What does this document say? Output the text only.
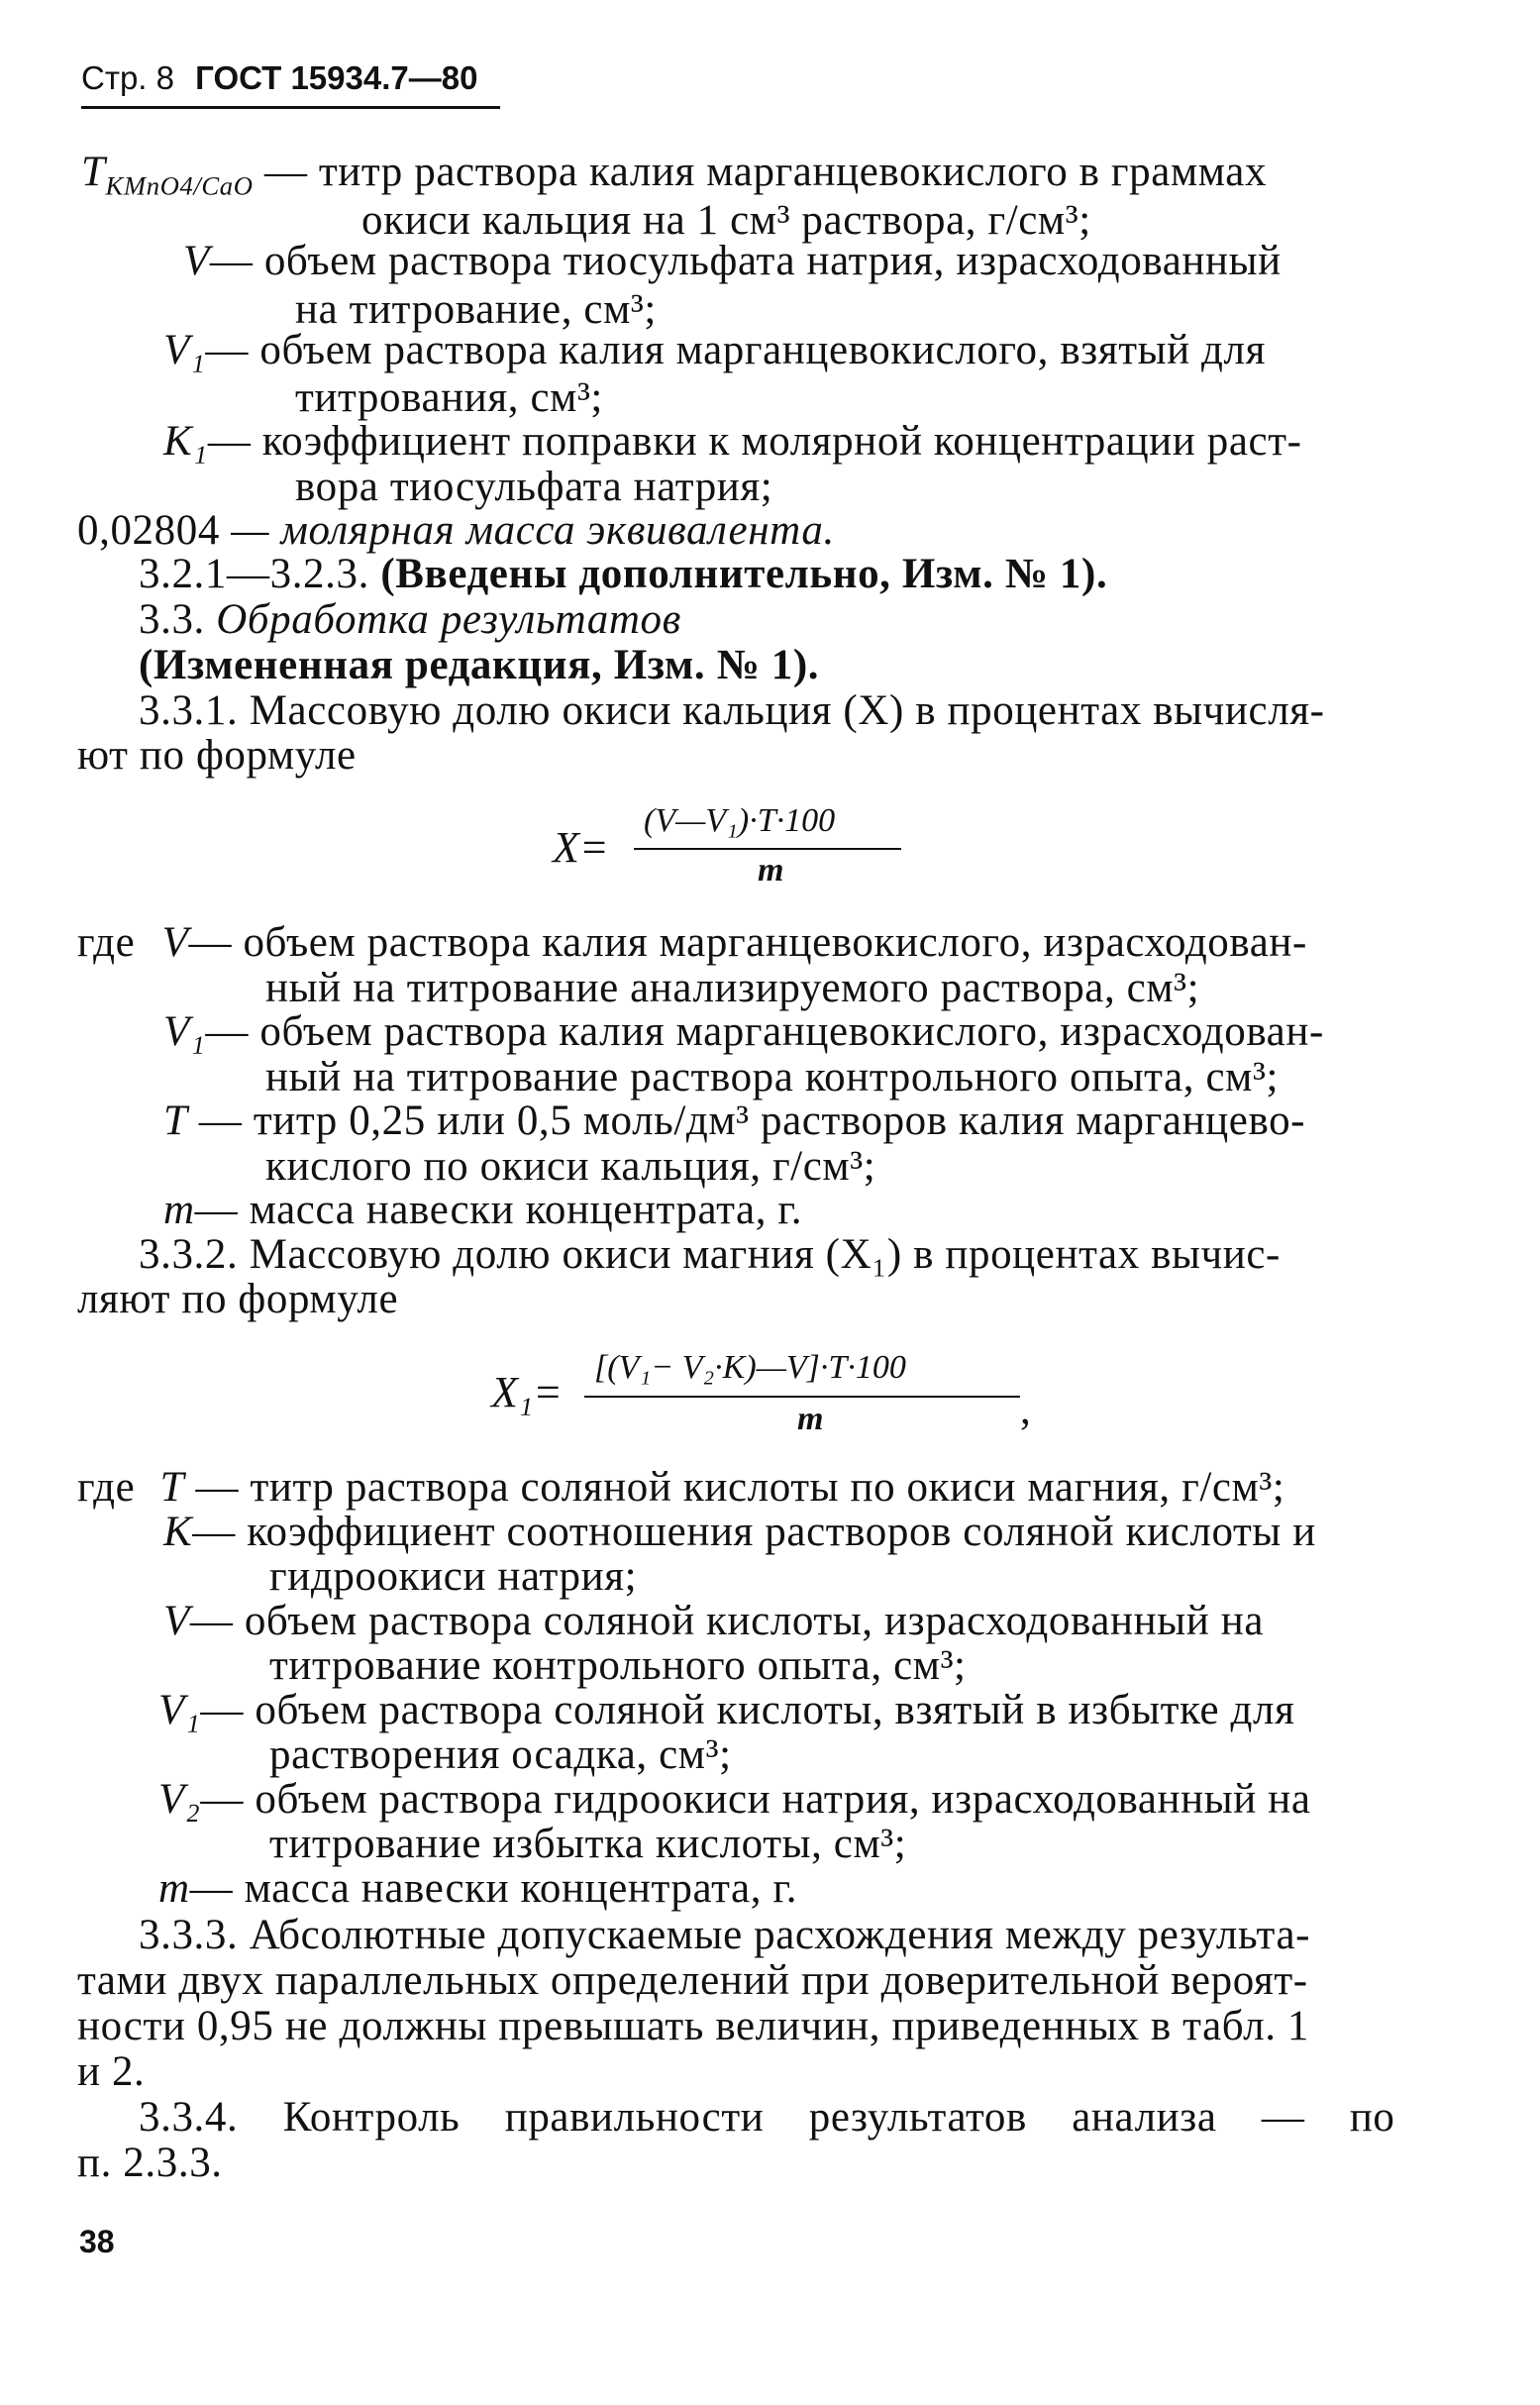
Стр. 8 ГОСТ 15934.7—80
$T_{KMnO4/CaO}$ — титр раствора калия марганцевокислого в граммах
окиси кальция на 1 см³ раствора, г/см³;
V— объем раствора тиосульфата натрия, израсходованный
на титрование, см³;
V₁— объем раствора калия марганцевокислого, взятый для
титрования, см³;
K₁— коэффициент поправки к молярной концентрации раст-
вора тиосульфата натрия;
0,02804 — молярная масса эквивалента.
3.2.1—3.2.3. (Введены дополнительно, Изм. № 1).
3.3. Обработка результатов
(Измененная редакция, Изм. № 1).
3.3.1. Массовую долю окиси кальция (X) в процентах вычисля-
ют по формуле
X=
(V—V₁)·T·100
m
где V— объем раствора калия марганцевокислого, израсходован-
ный на титрование анализируемого раствора, см³;
V₁— объем раствора калия марганцевокислого, израсходован-
ный на титрование раствора контрольного опыта, см³;
T — титр 0,25 или 0,5 моль/дм³ растворов калия марганцево-
кислого по окиси кальция, г/см³;
m— масса навески концентрата, г.
3.3.2. Массовую долю окиси магния (X₁) в процентах вычис-
ляют по формуле
X₁=
[(V₁− V₂·K)—V]·T·100
m	,
где T — титр раствора соляной кислоты по окиси магния, г/см³;
K— коэффициент соотношения растворов соляной кислоты и
гидроокиси натрия;
V— объем раствора соляной кислоты, израсходованный на
титрование контрольного опыта, см³;
V₁— объем раствора соляной кислоты, взятый в избытке для
растворения осадка, см³;
V₂— объем раствора гидроокиси натрия, израсходованный на
титрование избытка кислоты, см³;
m— масса навески концентрата, г.
3.3.3. Абсолютные допускаемые расхождения между результа-
тами двух параллельных определений при доверительной вероят-
ности 0,95 не должны превышать величин, приведенных в табл. 1
и 2.
3.3.4. Контроль правильности результатов анализа — по
п. 2.3.3.
38
